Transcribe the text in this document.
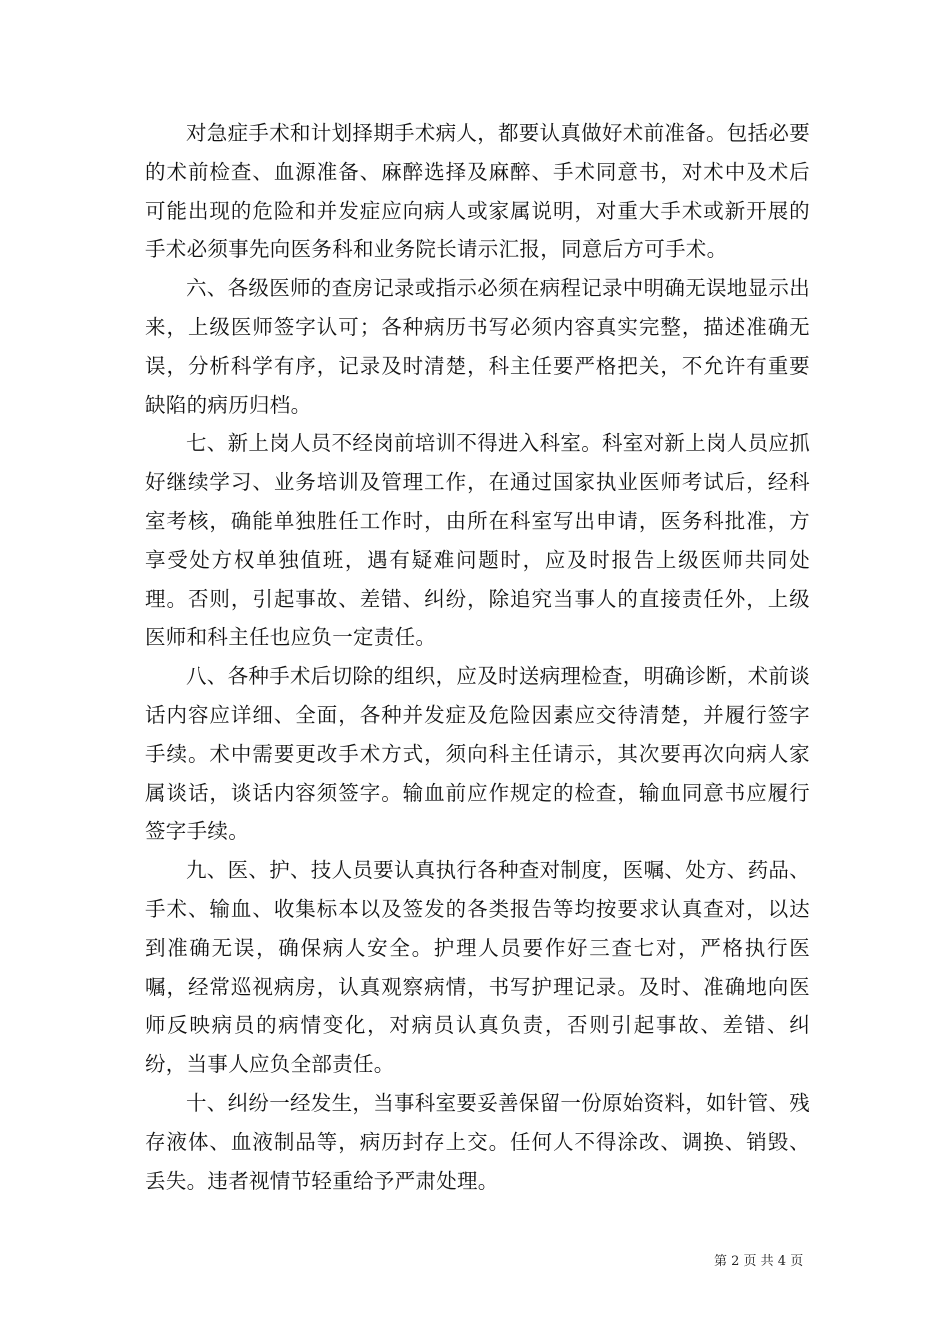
对急症手术和计划择期手术病人，都要认真做好术前准备。包括必要的术前检查、血源准备、麻醉选择及麻醉、手术同意书，对术中及术后可能出现的危险和并发症应向病人或家属说明，对重大手术或新开展的手术必须事先向医务科和业务院长请示汇报，同意后方可手术。

六、各级医师的查房记录或指示必须在病程记录中明确无误地显示出来，上级医师签字认可；各种病历书写必须内容真实完整，描述准确无误，分析科学有序，记录及时清楚，科主任要严格把关，不允许有重要缺陷的病历归档。

七、新上岗人员不经岗前培训不得进入科室。科室对新上岗人员应抓好继续学习、业务培训及管理工作，在通过国家执业医师考试后，经科室考核，确能单独胜任工作时，由所在科室写出申请，医务科批准，方享受处方权单独值班，遇有疑难问题时，应及时报告上级医师共同处理。否则，引起事故、差错、纠纷，除追究当事人的直接责任外，上级医师和科主任也应负一定责任。

八、各种手术后切除的组织，应及时送病理检查，明确诊断，术前谈话内容应详细、全面，各种并发症及危险因素应交待清楚，并履行签字手续。术中需要更改手术方式，须向科主任请示，其次要再次向病人家属谈话，谈话内容须签字。输血前应作规定的检查，输血同意书应履行签字手续。

九、医、护、技人员要认真执行各种查对制度，医嘱、处方、药品、手术、输血、收集标本以及签发的各类报告等均按要求认真查对，以达到准确无误，确保病人安全。护理人员要作好三查七对，严格执行医嘱，经常巡视病房，认真观察病情，书写护理记录。及时、准确地向医师反映病员的病情变化，对病员认真负责，否则引起事故、差错、纠纷，当事人应负全部责任。

十、纠纷一经发生，当事科室要妥善保留一份原始资料，如针管、残存液体、血液制品等，病历封存上交。任何人不得涂改、调换、销毁、丢失。违者视情节轻重给予严肃处理。

第 2 页 共 4 页
